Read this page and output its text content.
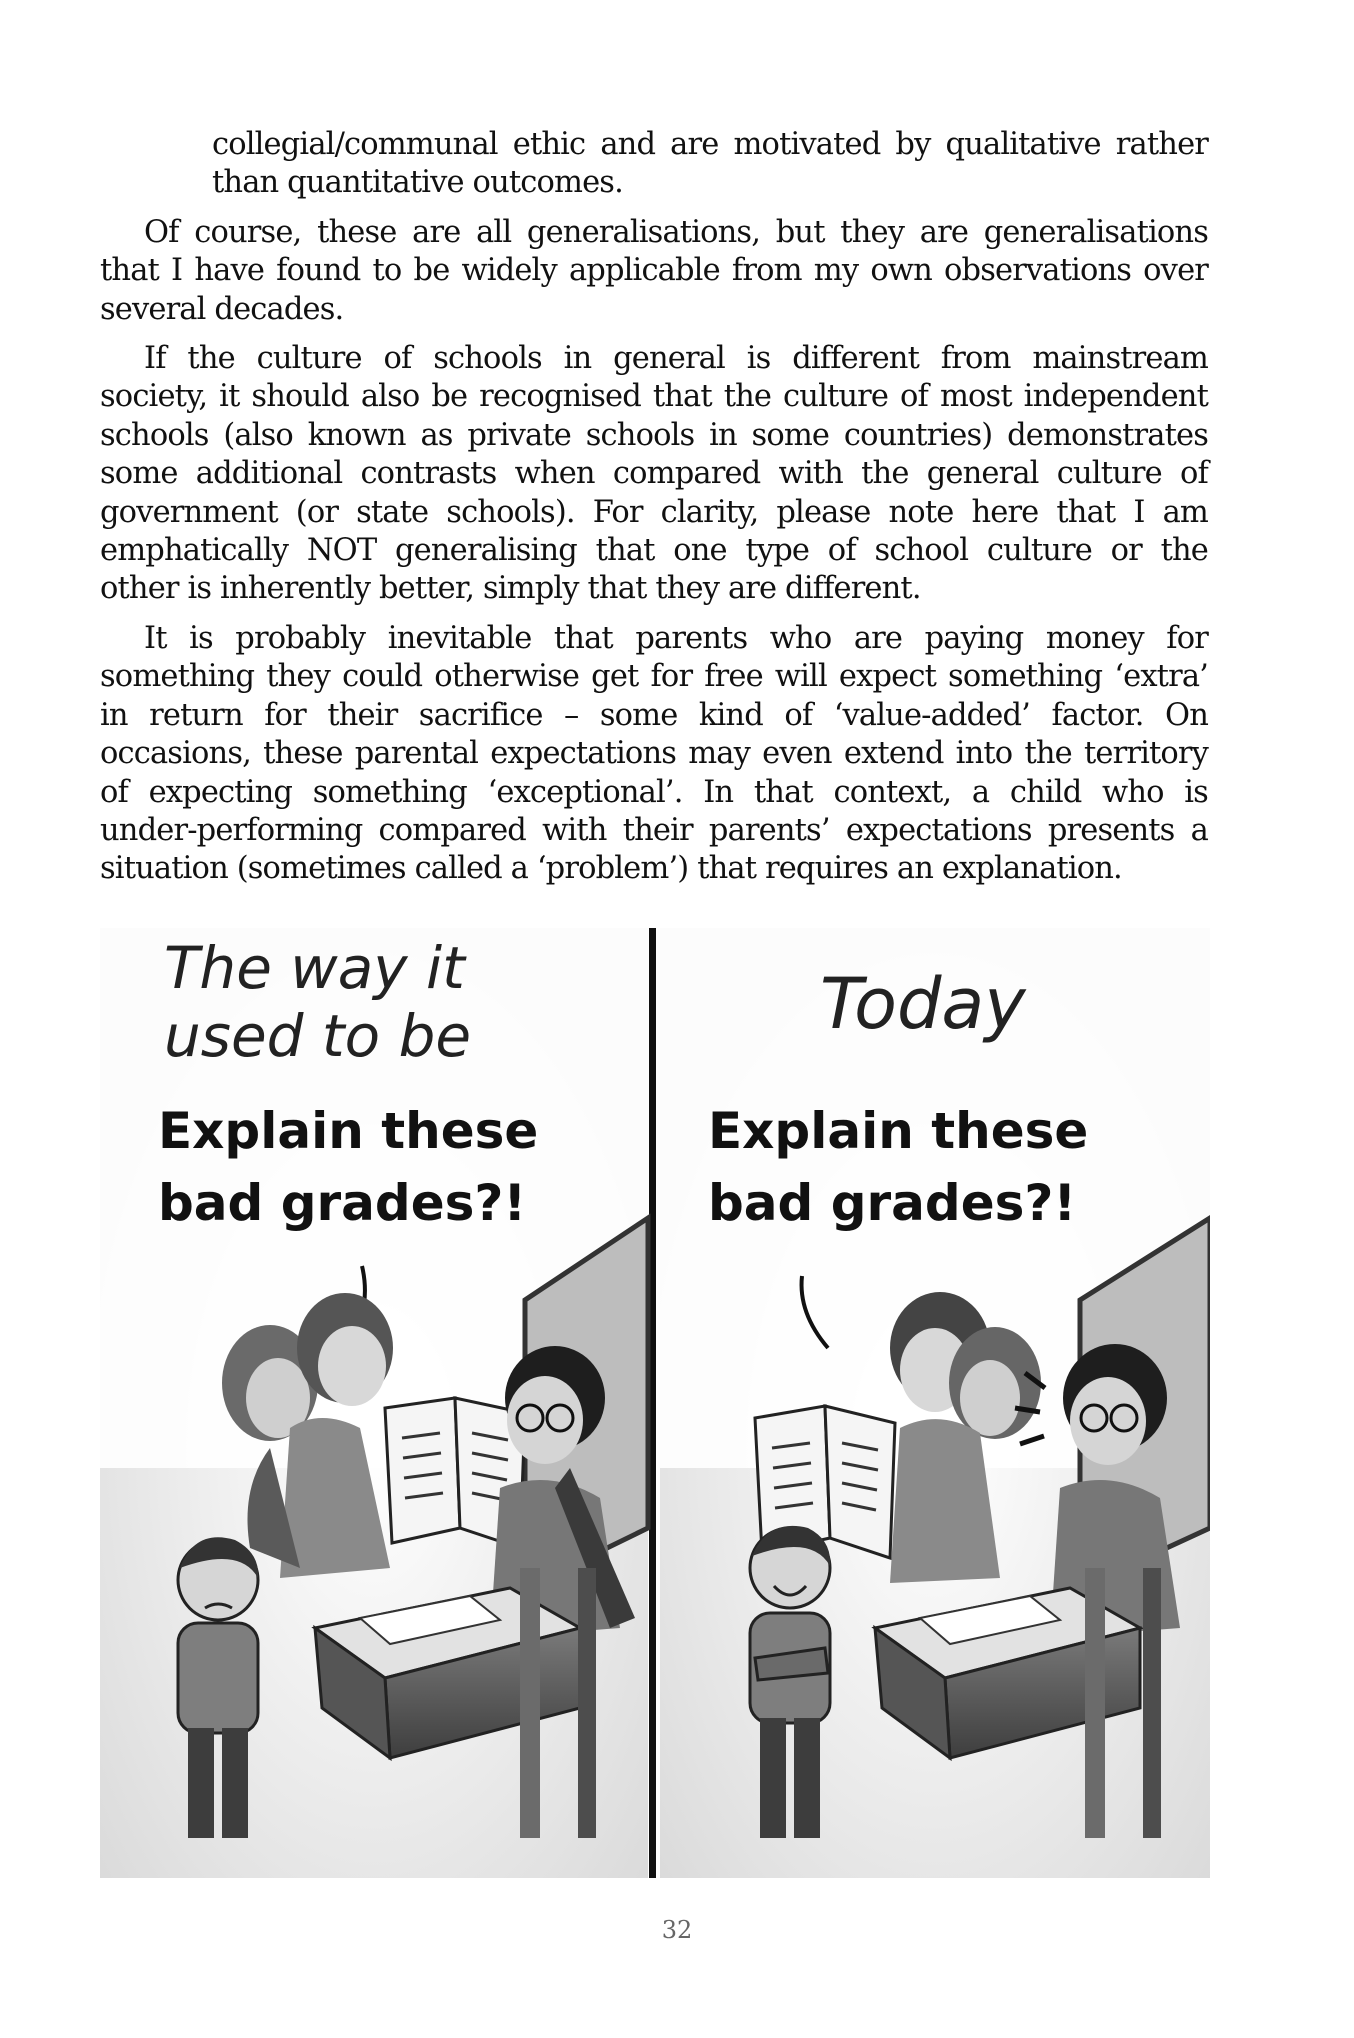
collegial/communal ethic and are motivated by qualitative rather
than quantitative outcomes.

Of course, these are all generalisations, but they are generalisations
that I have found to be widely applicable from my own observations over
several decades.

If the culture of schools in general is different from mainstream
society, it should also be recognised that the culture of most independent
schools (also known as private schools in some countries) demonstrates
some additional contrasts when compared with the general culture of
government (or state schools). For clarity, please note here that I am
emphatically NOT generalising that one type of school culture or the
other is inherently better, simply that they are different.

It is probably inevitable that parents who are paying money for
something they could otherwise get for free will expect something ‘extra’
in return for their sacrifice – some kind of ‘value-added’ factor. On
occasions, these parental expectations may even extend into the territory
of expecting something ‘exceptional’. In that context, a child who is
under-performing compared with their parents’ expectations presents a
situation (sometimes called a ‘problem’) that requires an explanation.

The way it
used to be
Explain these
bad grades?!
Today
Explain these
bad grades?!
32
